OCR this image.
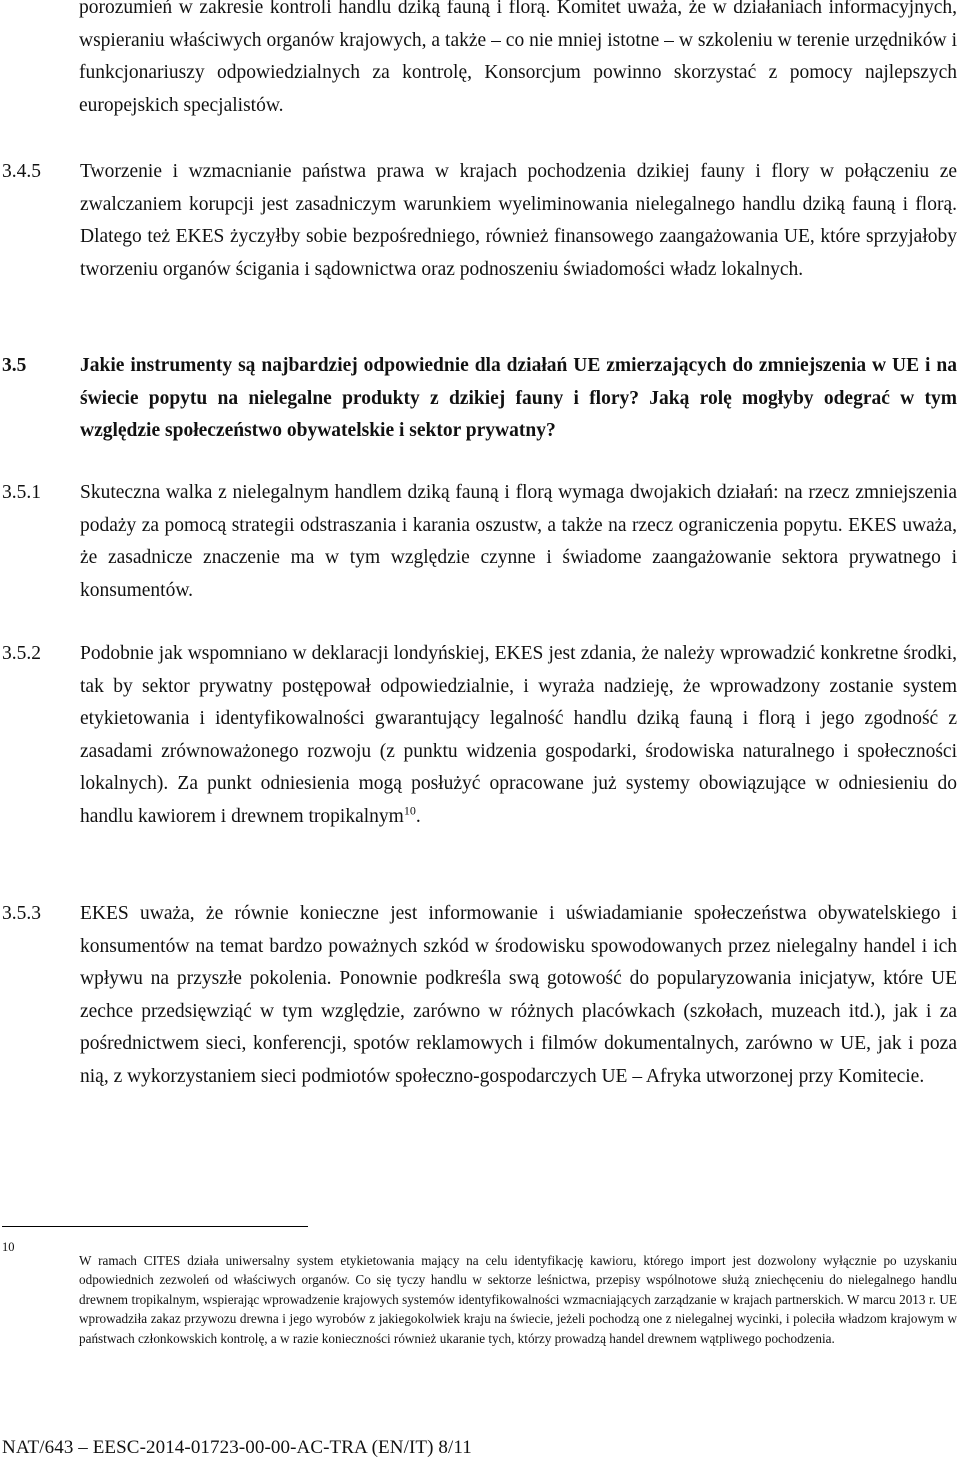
porozumień w zakresie kontroli handlu dziką fauną i florą. Komitet uważa, że w działaniach informacyjnych, wspieraniu właściwych organów krajowych, a także – co nie mniej istotne – w szkoleniu w terenie urzędników i funkcjonariuszy odpowiedzialnych za kontrolę, Konsorcjum powinno skorzystać z pomocy najlepszych europejskich specjalistów.
3.4.5	Tworzenie i wzmacnianie państwa prawa w krajach pochodzenia dzikiej fauny i flory w połączeniu ze zwalczaniem korupcji jest zasadniczym warunkiem wyeliminowania nielegalnego handlu dziką fauną i florą. Dlatego też EKES życzyłby sobie bezpośredniego, również finansowego zaangażowania UE, które sprzyjałoby tworzeniu organów ścigania i sądownictwa oraz podnoszeniu świadomości władz lokalnych.
3.5	Jakie instrumenty są najbardziej odpowiednie dla działań UE zmierzających do zmniejszenia w UE i na świecie popytu na nielegalne produkty z dzikiej fauny i flory? Jaką rolę mogłyby odegrać w tym względzie społeczeństwo obywatelskie i sektor prywatny?
3.5.1	Skuteczna walka z nielegalnym handlem dziką fauną i florą wymaga dwojakich działań: na rzecz zmniejszenia podaży za pomocą strategii odstraszania i karania oszustw, a także na rzecz ograniczenia popytu. EKES uważa, że zasadnicze znaczenie ma w tym względzie czynne i świadome zaangażowanie sektora prywatnego i konsumentów.
3.5.2	Podobnie jak wspomniano w deklaracji londyńskiej, EKES jest zdania, że należy wprowadzić konkretne środki, tak by sektor prywatny postępował odpowiedzialnie, i wyraża nadzieję, że wprowadzony zostanie system etykietowania i identyfikowalności gwarantujący legalność handlu dziką fauną i florą i jego zgodność z zasadami zrównoważonego rozwoju (z punktu widzenia gospodarki, środowiska naturalnego i społeczności lokalnych). Za punkt odniesienia mogą posłużyć opracowane już systemy obowiązujące w odniesieniu do handlu kawiorem i drewnem tropikalnym$^{10}$.
3.5.3	EKES uważa, że równie konieczne jest informowanie i uświadamianie społeczeństwa obywatelskiego i konsumentów na temat bardzo poważnych szkód w środowisku spowodowanych przez nielegalny handel i ich wpływu na przyszłe pokolenia. Ponownie podkreśla swą gotowość do popularyzowania inicjatyw, które UE zechce przedsięwziąć w tym względzie, zarówno w różnych placówkach (szkołach, muzeach itd.), jak i za pośrednictwem sieci, konferencji, spotów reklamowych i filmów dokumentalnych, zarówno w UE, jak i poza nią, z wykorzystaniem sieci podmiotów społeczno-gospodarczych UE – Afryka utworzonej przy Komitecie.
10
W ramach CITES działa uniwersalny system etykietowania mający na celu identyfikację kawioru, którego import jest dozwolony wyłącznie po uzyskaniu odpowiednich zezwoleń od właściwych organów. Co się tyczy handlu w sektorze leśnictwa, przepisy wspólnotowe służą zniechęceniu do nielegalnego handlu drewnem tropikalnym, wspierając wprowadzenie krajowych systemów identyfikowalności wzmacniających zarządzanie w krajach partnerskich. W marcu 2013 r. UE wprowadziła zakaz przywozu drewna i jego wyrobów z jakiegokolwiek kraju na świecie, jeżeli pochodzą one z nielegalnej wycinki, i poleciła władzom krajowym w państwach członkowskich kontrolę, a w razie konieczności również ukaranie tych, którzy prowadzą handel drewnem wątpliwego pochodzenia.
NAT/643 – EESC-2014-01723-00-00-AC-TRA (EN/IT) 8/11
